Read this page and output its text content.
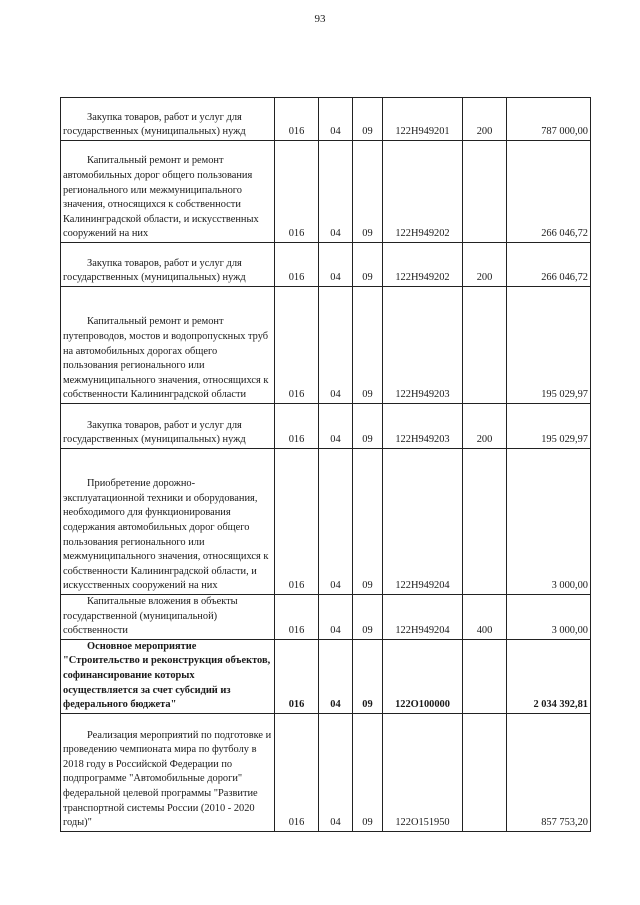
93
Закупка товаров, работ и услуг для государственных (муниципальных) нужд	016	04	09	122Н949201	200	787 000,00
Капитальный ремонт и ремонт автомобильных дорог общего пользования регионального или межмуниципального значения, относящихся к собственности Калининградской области, и искусственных сооружений на них	016	04	09	122Н949202		266 046,72
Закупка товаров, работ и услуг для государственных (муниципальных) нужд	016	04	09	122Н949202	200	266 046,72
Капитальный ремонт и ремонт путепроводов, мостов и водопропускных труб на автомобильных дорогах общего пользования регионального или межмуниципального значения, относящихся к собственности Калининградской области	016	04	09	122Н949203		195 029,97
Закупка товаров, работ и услуг для государственных (муниципальных) нужд	016	04	09	122Н949203	200	195 029,97
Приобретение дорожно-эксплуатационной техники и оборудования, необходимого для функционирования содержания автомобильных дорог общего пользования регионального или межмуниципального значения, относящихся к собственности Калининградской области, и искусственных сооружений на них	016	04	09	122Н949204		3 000,00
Капитальные вложения в объекты государственной (муниципальной) собственности	016	04	09	122Н949204	400	3 000,00
Основное мероприятие "Строительство и реконструкция объектов, софинансирование которых осуществляется за счет субсидий из федерального бюджета"	016	04	09	122О100000		2 034 392,81
Реализация мероприятий по подготовке и проведению чемпионата мира по футболу в 2018 году в Российской Федерации по подпрограмме "Автомобильные дороги" федеральной целевой программы "Развитие транспортной системы России (2010 - 2020 годы)"	016	04	09	122О151950		857 753,20
